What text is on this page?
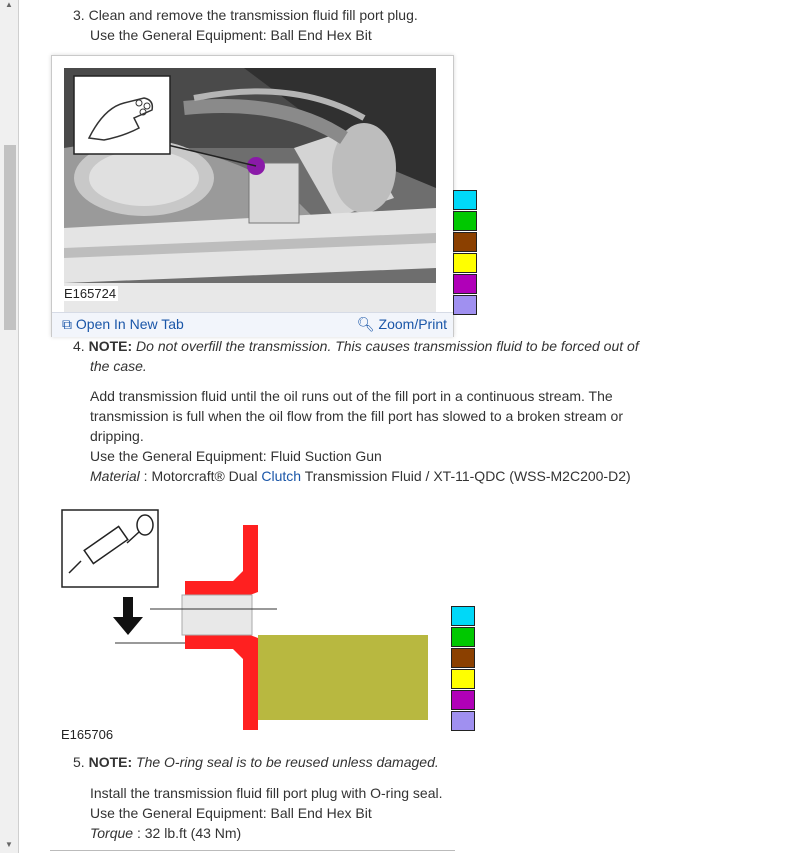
▲
▼
3. Clean and remove the transmission fluid fill port plug.
Use the General Equipment: Ball End Hex Bit
E165724
⧉ Open In New Tab	🔍︎ Zoom/Print
4. NOTE: Do not overfill the transmission. This causes transmission fluid to be forced out of
the case.
Add transmission fluid until the oil runs out of the fill port in a continuous stream. The
transmission is full when the oil flow from the fill port has slowed to a broken stream or
dripping.
Use the General Equipment: Fluid Suction Gun
Material : Motorcraft® Dual Clutch Transmission Fluid / XT-11-QDC (WSS-M2C200-D2)
E165706
5. NOTE: The O-ring seal is to be reused unless damaged.
Install the transmission fluid fill port plug with O-ring seal.
Use the General Equipment: Ball End Hex Bit
Torque : 32 lb.ft (43 Nm)
